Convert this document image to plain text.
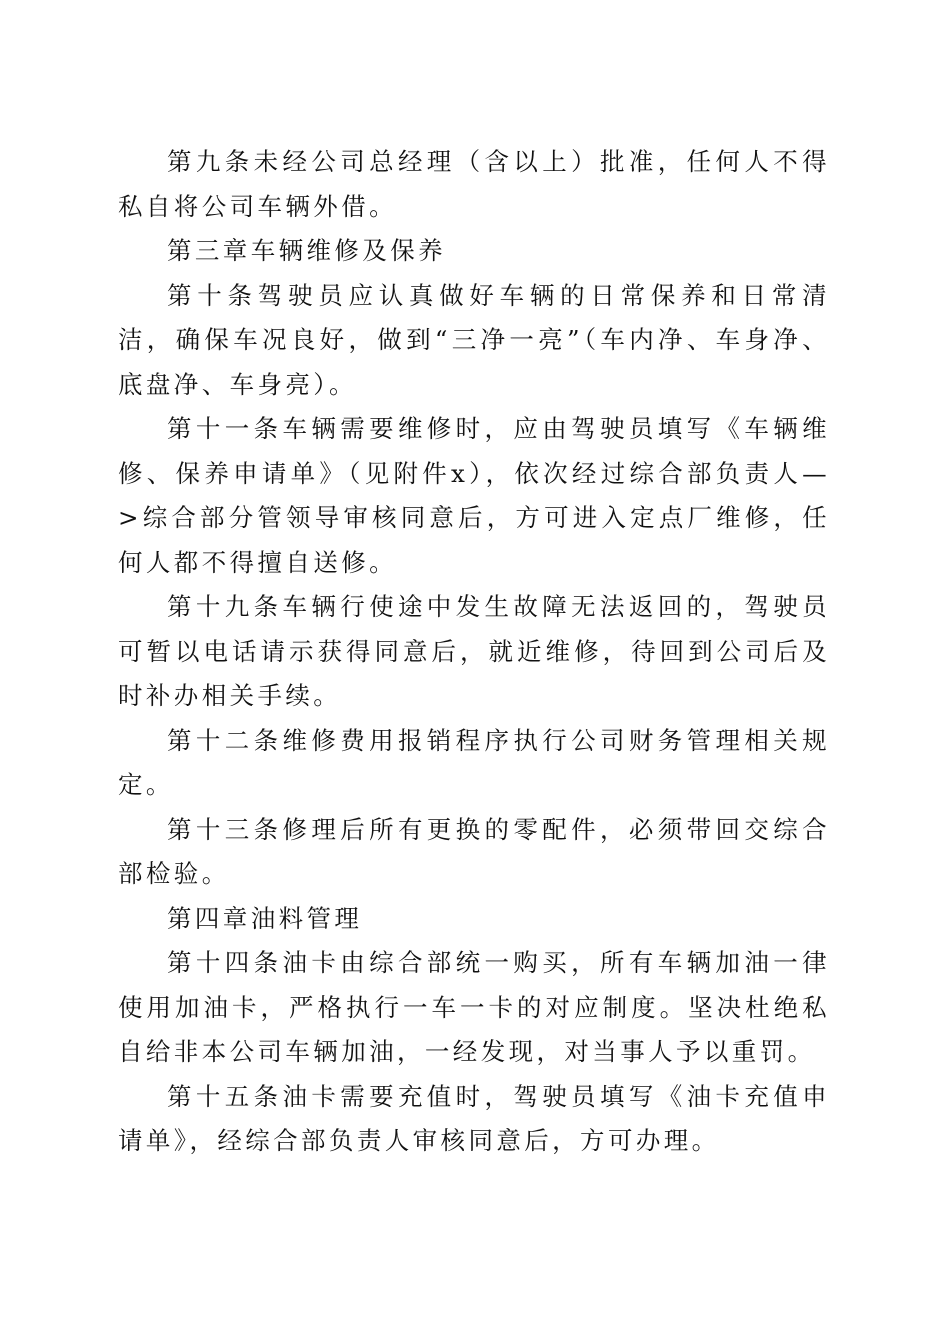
第九条未经公司总经理（含以上）批准，任何人不得私自将公司车辆外借。

第三章车辆维修及保养

第十条驾驶员应认真做好车辆的日常保养和日常清洁，确保车况良好，做到“三净一亮”（车内净、车身净、底盘净、车身亮）。

第十一条车辆需要维修时，应由驾驶员填写《车辆维修、保养申请单》（见附件x），依次经过综合部负责人—>综合部分管领导审核同意后，方可进入定点厂维修，任何人都不得擅自送修。

第十九条车辆行使途中发生故障无法返回的，驾驶员可暂以电话请示获得同意后，就近维修，待回到公司后及时补办相关手续。

第十二条维修费用报销程序执行公司财务管理相关规定。

第十三条修理后所有更换的零配件，必须带回交综合部检验。

第四章油料管理

第十四条油卡由综合部统一购买，所有车辆加油一律使用加油卡，严格执行一车一卡的对应制度。坚决杜绝私自给非本公司车辆加油，一经发现，对当事人予以重罚。

第十五条油卡需要充值时，驾驶员填写《油卡充值申请单》，经综合部负责人审核同意后，方可办理。
